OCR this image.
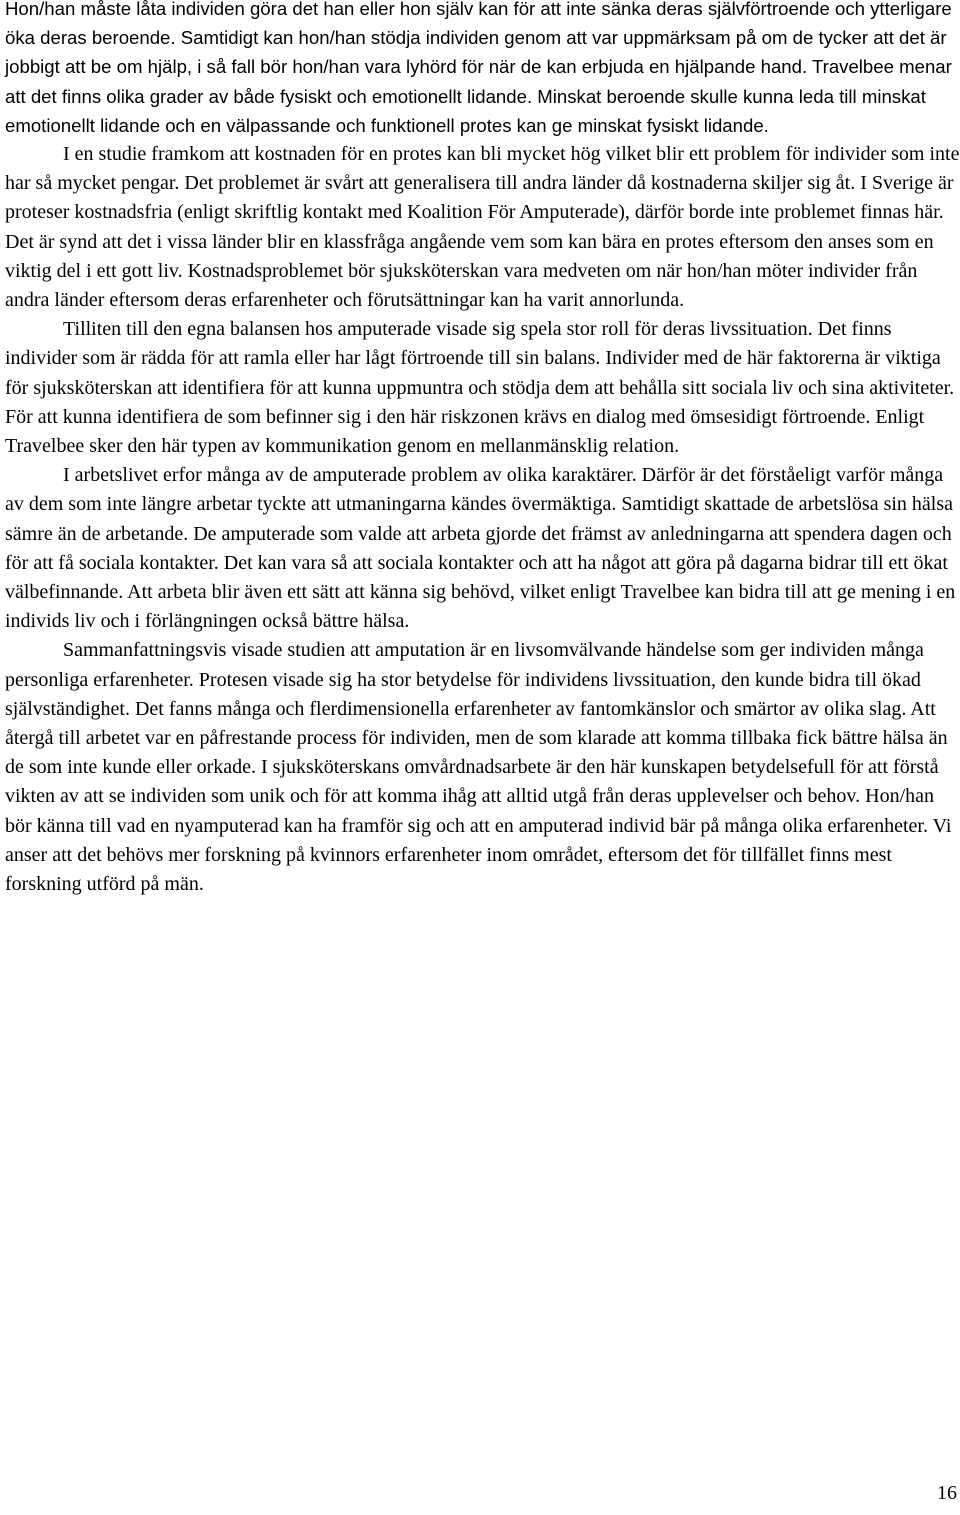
Hon/han måste låta individen göra det han eller hon själv kan för att inte sänka deras självförtroende och ytterligare öka deras beroende. Samtidigt kan hon/han stödja individen genom att var uppmärksam på om de tycker att det är jobbigt att be om hjälp, i så fall bör hon/han vara lyhörd för när de kan erbjuda en hjälpande hand. Travelbee menar att det finns olika grader av både fysiskt och emotionellt lidande. Minskat beroende skulle kunna leda till minskat emotionellt lidande och en välpassande och funktionell protes kan ge minskat fysiskt lidande.

I en studie framkom att kostnaden för en protes kan bli mycket hög vilket blir ett problem för individer som inte har så mycket pengar. Det problemet är svårt att generalisera till andra länder då kostnaderna skiljer sig åt. I Sverige är proteser kostnadsfria (enligt skriftlig kontakt med Koalition För Amputerade), därför borde inte problemet finnas här. Det är synd att det i vissa länder blir en klassfråga angående vem som kan bära en protes eftersom den anses som en viktig del i ett gott liv. Kostnadsproblemet bör sjuksköterskan vara medveten om när hon/han möter individer från andra länder eftersom deras erfarenheter och förutsättningar kan ha varit annorlunda.

Tilliten till den egna balansen hos amputerade visade sig spela stor roll för deras livssituation. Det finns individer som är rädda för att ramla eller har lågt förtroende till sin balans. Individer med de här faktorerna är viktiga för sjuksköterskan att identifiera för att kunna uppmuntra och stödja dem att behålla sitt sociala liv och sina aktiviteter. För att kunna identifiera de som befinner sig i den här riskzonen krävs en dialog med ömsesidigt förtroende. Enligt Travelbee sker den här typen av kommunikation genom en mellanmänsklig relation.

I arbetslivet erfor många av de amputerade problem av olika karaktärer. Därför är det förståeligt varför många av dem som inte längre arbetar tyckte att utmaningarna kändes övermäktiga. Samtidigt skattade de arbetslösa sin hälsa sämre än de arbetande. De amputerade som valde att arbeta gjorde det främst av anledningarna att spendera dagen och för att få sociala kontakter. Det kan vara så att sociala kontakter och att ha något att göra på dagarna bidrar till ett ökat välbefinnande. Att arbeta blir även ett sätt att känna sig behövd, vilket enligt Travelbee kan bidra till att ge mening i en individs liv och i förlängningen också bättre hälsa.

Sammanfattningsvis visade studien att amputation är en livsomvälvande händelse som ger individen många personliga erfarenheter. Protesen visade sig ha stor betydelse för individens livssituation, den kunde bidra till ökad självständighet. Det fanns många och flerdimensionella erfarenheter av fantomkänslor och smärtor av olika slag. Att återgå till arbetet var en påfrestande process för individen, men de som klarade att komma tillbaka fick bättre hälsa än de som inte kunde eller orkade. I sjuksköterskans omvårdnadsarbete är den här kunskapen betydelsefull för att förstå vikten av att se individen som unik och för att komma ihåg att alltid utgå från deras upplevelser och behov. Hon/han bör känna till vad en nyamputerad kan ha framför sig och att en amputerad individ bär på många olika erfarenheter. Vi anser att det behövs mer forskning på kvinnors erfarenheter inom området, eftersom det för tillfället finns mest forskning utförd på män.

16
